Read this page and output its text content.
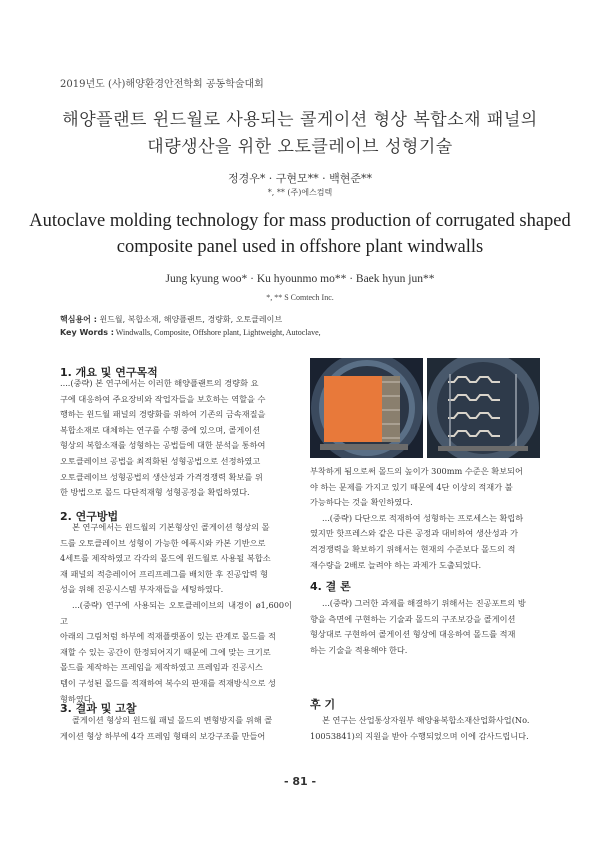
2019년도 (사)해양환경안전학회 공동학술대회
해양플랜트 윈드월로 사용되는 콜게이션 형상 복합소재 패널의
대량생산을 위한 오토클레이브 성형기술
정경우* · 구현모** · 백현준**
*, ** (주)에스컴텍
Autoclave molding technology for mass production of corrugated shaped
composite panel used in offshore plant windwalls
Jung kyung woo* · Ku hyounmo mo** · Baek hyun jun**
*, ** S Comtech Inc.
핵심용어 : 윈드월, 복합소재, 해양플랜트, 경량화, 오토클레이브
Key Words : Windwalls, Composite, Offshore plant, Lightweight, Autoclave,
1. 개요 및 연구목적

....(중략) 본 연구에서는 이러한 해양플랜트의 경량화 요

구에 대응하여 주요장비와 작업자들을 보호하는 역할을 수

행하는 윈드월 패널의 경량화를 위하여 기존의 금속재질을

복합소재로 대체하는 연구를 수행 중에 있으며, 콜게이션

형상의 복합소재를 성형하는 공법들에 대한 분석을 통하여

오토클레이브 공법을 최적화된 성형공법으로 선정하였고

오토클레이브 성형공법의 생산성과 가격경쟁력 확보를 위

한 방법으로 몰드 다단적재형 성형공정을 확립하였다.

2. 연구방법

본 연구에서는 윈드월의 기본형상인 콜게이션 형상의 몰

드를 오토클레이브 성형이 가능한 에폭시와 카본 기반으로

4세트를 제작하였고 각각의 몰드에 윈드월로 사용될 복합소

재 패널의 적층레이어 프리프레그를 배치한 후 진공압력 형

성을 위해 진공시스템 부자재들을 세팅하였다.

...(중략) 연구에 사용되는 오토클레이브의 내경이 ø1,600이고

아래의 그림처럼 하부에 적재플랫폼이 있는 관계로 몰드를 적

재할 수 있는 공간이 한정되어지기 때문에 그에 맞는 크기로

몰드를 제작하는 프레임을 제작하였고 프레임과 진공시스

템이 구성된 몰드를 적재하여 복수의 판재를 적재방식으로 성

형하였다.

3. 결과 및 고찰

콜게이션 형상의 윈드월 패널 몰드의 변형방지를 위해 콜

게이션 형상 하부에 4각 프레임 형태의 보강구조를 만들어

부착하게 됨으로써 몰드의 높이가 300mm 수준은 확보되어

야 하는 문제를 가지고 있기 때문에 4단 이상의 적재가 불

가능하다는 것을 확인하였다.

...(중략) 다단으로 적재하여 성형하는 프로세스는 확립하

였지만 핫프레스와 같은 다른 공정과 대비하여 생산성과 가

격경쟁력을 확보하기 위해서는 현재의 수준보다 몰드의 적

재수량을 2배로 늘려야 하는 과제가 도출되었다.

4. 결 론

...(중략) 그러한 과제를 해결하기 위해서는 진공포트의 방

향을 측면에 구현하는 기술과 몰드의 구조보강을 콜게이션

형상대로 구현하여 콜게이션 형상에 대응하여 몰드를 적재

하는 기술을 적용해야 한다.

후 기

본 연구는 산업통상자원부 해양융복합소재산업화사업(No.

10053841)의 지원을 받아 수행되었으며 이에 감사드립니다.

- 81 -
